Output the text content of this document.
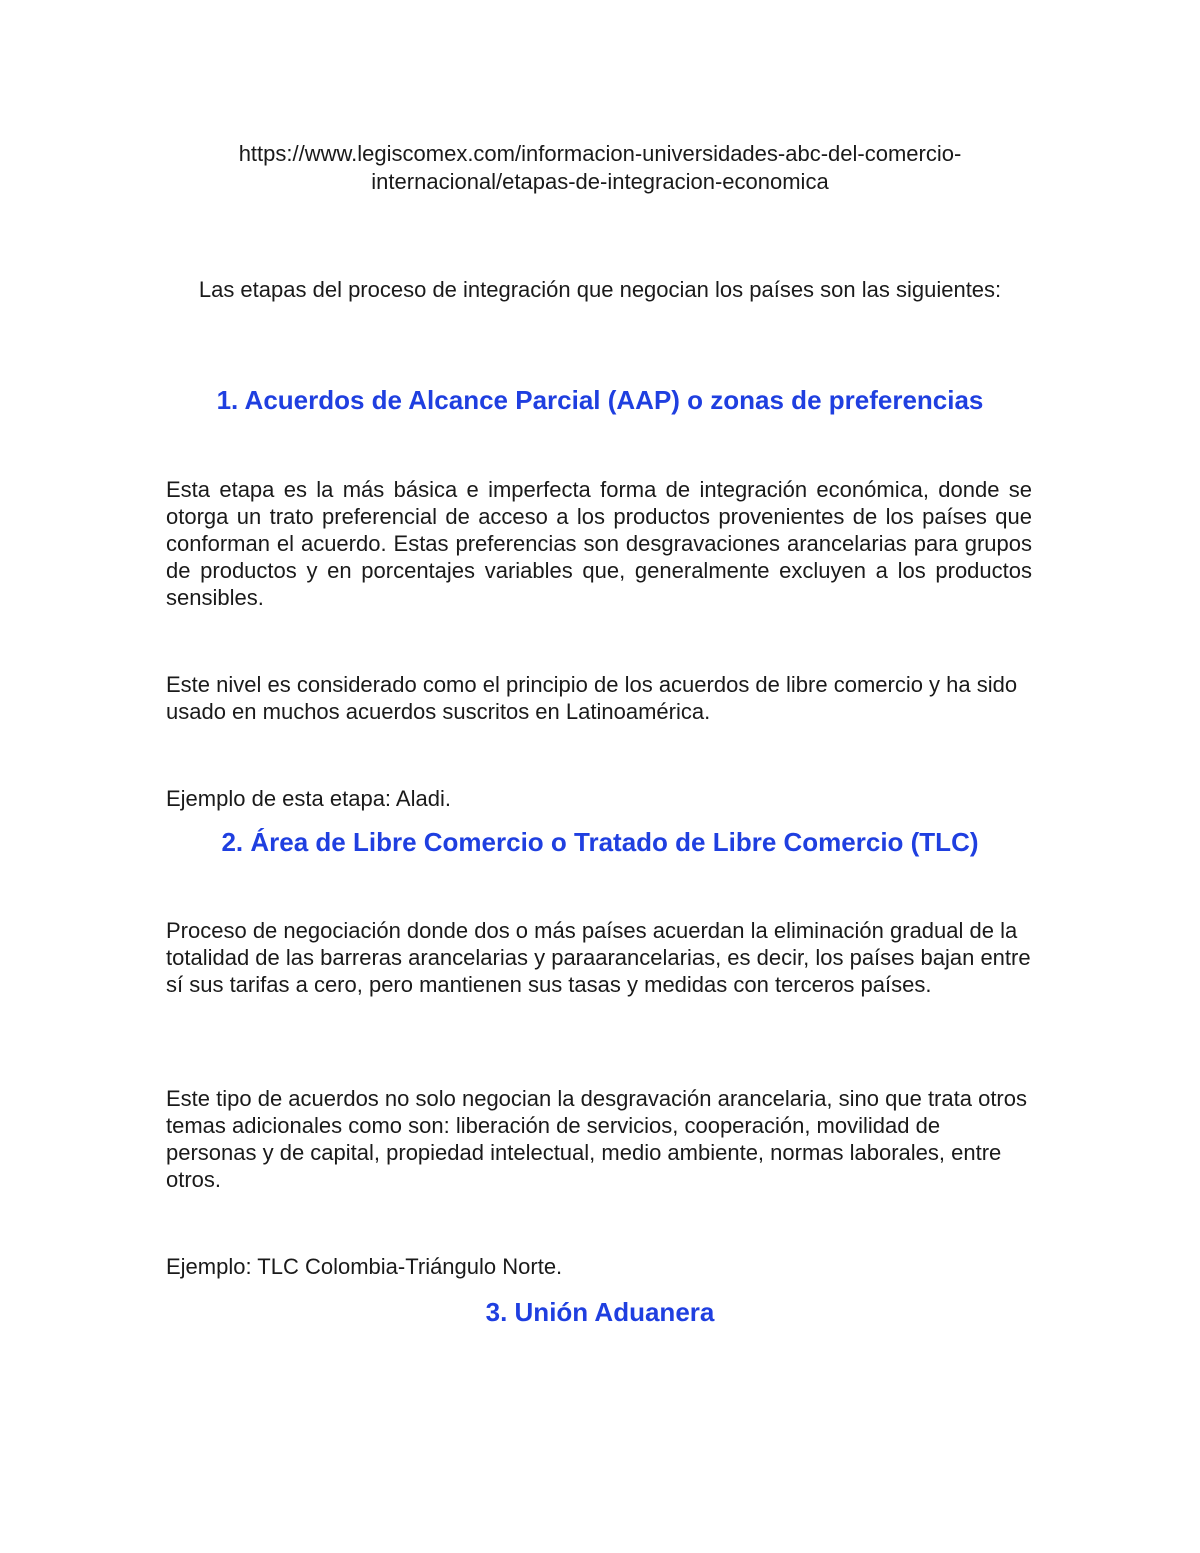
https://www.legiscomex.com/informacion-universidades-abc-del-comercio-
internacional/etapas-de-integracion-economica
Las etapas del proceso de integración que negocian los países son las siguientes:
1. Acuerdos de Alcance Parcial (AAP) o zonas de preferencias

Esta etapa es la más básica e imperfecta forma de integración económica, donde se otorga un trato preferencial de acceso a los productos provenientes de los países que conforman el acuerdo. Estas preferencias son desgravaciones arancelarias para grupos de productos y en porcentajes variables que, generalmente excluyen a los productos sensibles.

Este nivel es considerado como el principio de los acuerdos de libre comercio y ha sido usado en muchos acuerdos suscritos en Latinoamérica.

Ejemplo de esta etapa: Aladi.

2. Área de Libre Comercio o Tratado de Libre Comercio (TLC)

Proceso de negociación donde dos o más países acuerdan la eliminación gradual de la totalidad de las barreras arancelarias y paraarancelarias, es decir, los países bajan entre sí sus tarifas a cero, pero mantienen sus tasas y medidas con terceros países.

Este tipo de acuerdos no solo negocian la desgravación arancelaria, sino que trata otros temas adicionales como son: liberación de servicios, cooperación, movilidad de personas y de capital, propiedad intelectual, medio ambiente, normas laborales, entre otros.

Ejemplo: TLC Colombia-Triángulo Norte.

3. Unión Aduanera
